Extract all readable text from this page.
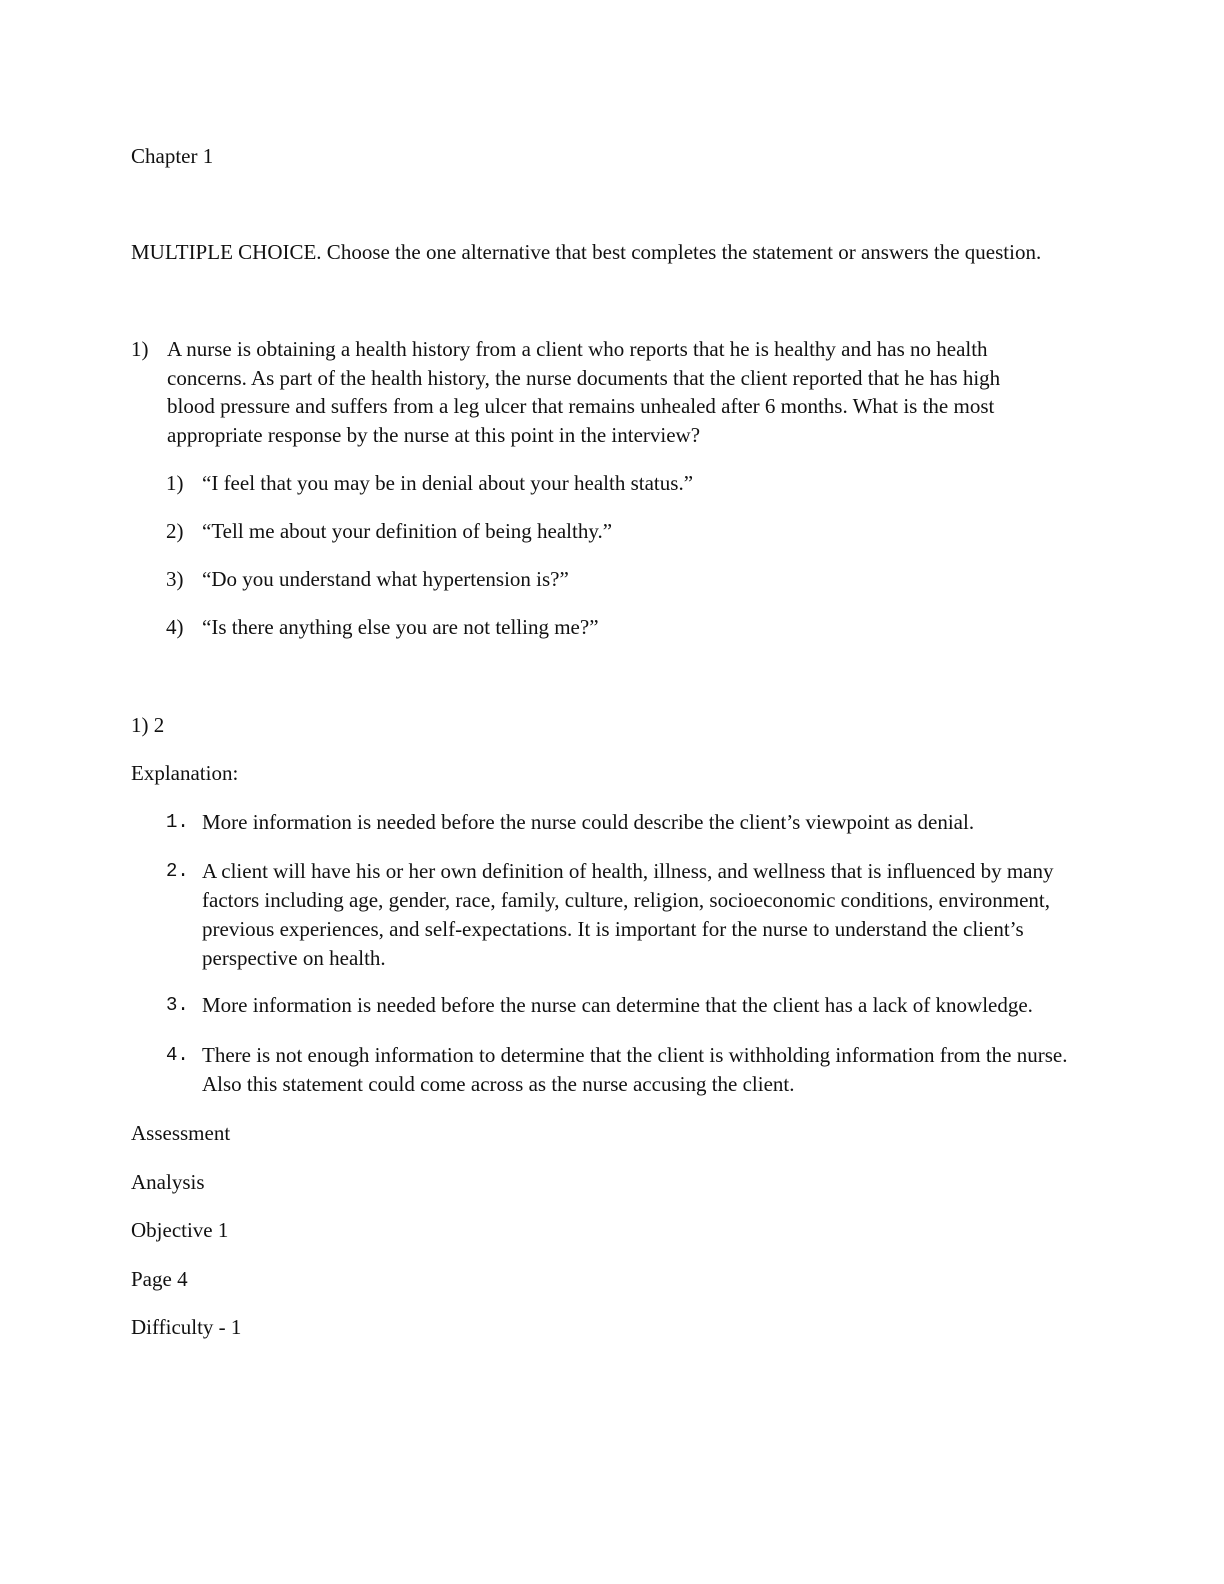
Chapter 1
MULTIPLE CHOICE. Choose the one alternative that best completes the statement or answers the question.
1) A nurse is obtaining a health history from a client who reports that he is healthy and has no health concerns. As part of the health history, the nurse documents that the client reported that he has high blood pressure and suffers from a leg ulcer that remains unhealed after 6 months. What is the most appropriate response by the nurse at this point in the interview?
1) “I feel that you may be in denial about your health status.”
2) “Tell me about your definition of being healthy.”
3) “Do you understand what hypertension is?”
4) “Is there anything else you are not telling me?”
1) 2
Explanation:
1. More information is needed before the nurse could describe the client’s viewpoint as denial.
2. A client will have his or her own definition of health, illness, and wellness that is influenced by many factors including age, gender, race, family, culture, religion, socioeconomic conditions, environment, previous experiences, and self-expectations. It is important for the nurse to understand the client’s perspective on health.
3. More information is needed before the nurse can determine that the client has a lack of knowledge.
4. There is not enough information to determine that the client is withholding information from the nurse. Also this statement could come across as the nurse accusing the client.
Assessment
Analysis
Objective 1
Page 4
Difficulty - 1
